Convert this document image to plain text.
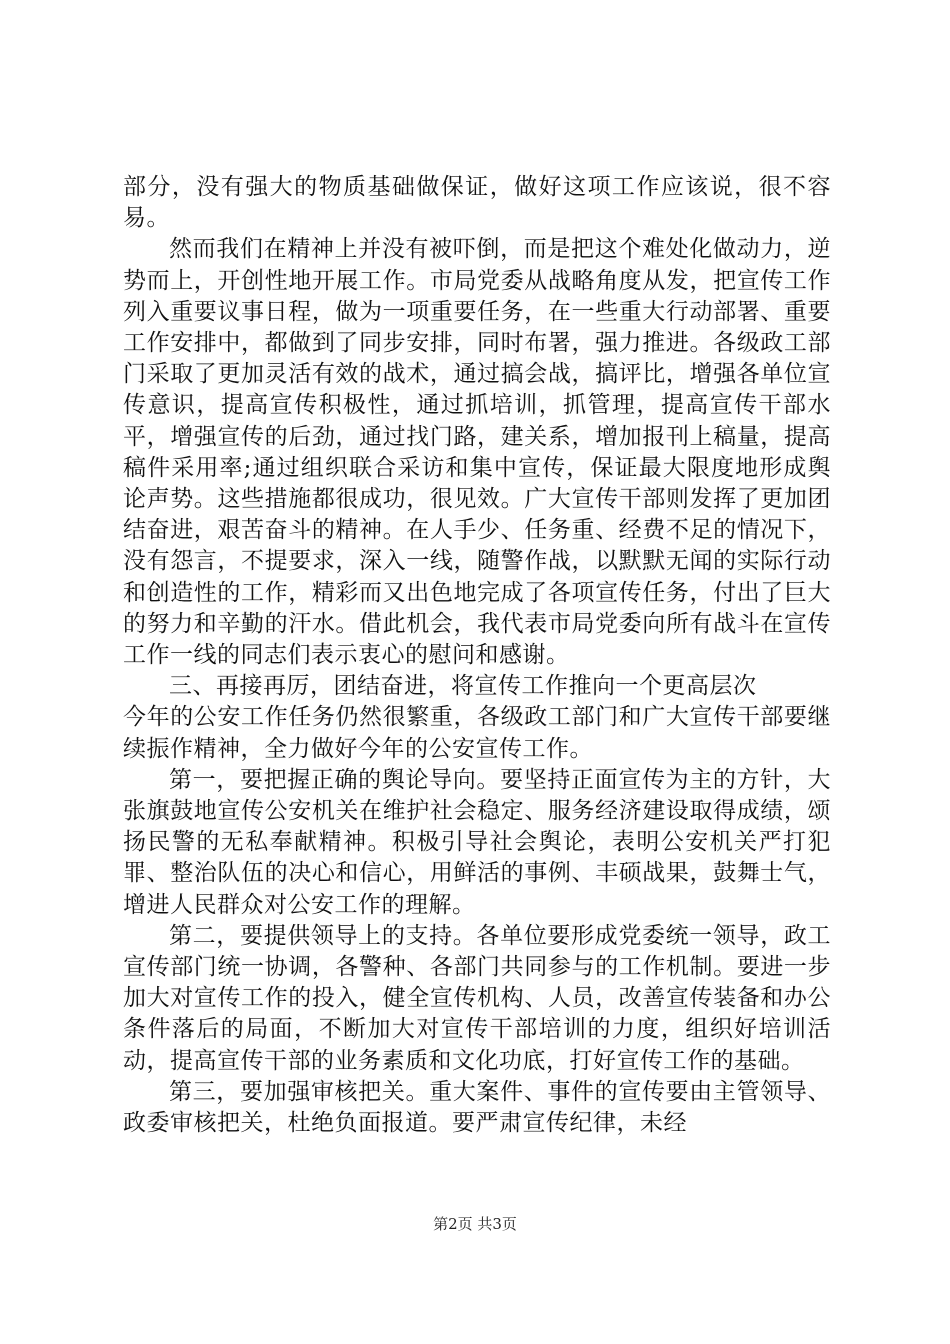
部分，没有强大的物质基础做保证，做好这项工作应该说，很不容易。

然而我们在精神上并没有被吓倒，而是把这个难处化做动力，逆势而上，开创性地开展工作。市局党委从战略角度从发，把宣传工作列入重要议事日程，做为一项重要任务，在一些重大行动部署、重要工作安排中，都做到了同步安排，同时布署，强力推进。各级政工部门采取了更加灵活有效的战术，通过搞会战，搞评比，增强各单位宣传意识，提高宣传积极性，通过抓培训，抓管理，提高宣传干部水平，增强宣传的后劲，通过找门路，建关系，增加报刊上稿量，提高稿件采用率;通过组织联合采访和集中宣传，保证最大限度地形成舆论声势。这些措施都很成功，很见效。广大宣传干部则发挥了更加团结奋进，艰苦奋斗的精神。在人手少、任务重、经费不足的情况下，没有怨言，不提要求，深入一线，随警作战，以默默无闻的实际行动和创造性的工作，精彩而又出色地完成了各项宣传任务，付出了巨大的努力和辛勤的汗水。借此机会，我代表市局党委向所有战斗在宣传工作一线的同志们表示衷心的慰问和感谢。

三、再接再厉，团结奋进，将宣传工作推向一个更高层次

今年的公安工作任务仍然很繁重，各级政工部门和广大宣传干部要继续振作精神，全力做好今年的公安宣传工作。

第一，要把握正确的舆论导向。要坚持正面宣传为主的方针，大张旗鼓地宣传公安机关在维护社会稳定、服务经济建设取得成绩，颂扬民警的无私奉献精神。积极引导社会舆论，表明公安机关严打犯罪、整治队伍的决心和信心，用鲜活的事例、丰硕战果，鼓舞士气，增进人民群众对公安工作的理解。

第二，要提供领导上的支持。各单位要形成党委统一领导，政工宣传部门统一协调，各警种、各部门共同参与的工作机制。要进一步加大对宣传工作的投入，健全宣传机构、人员，改善宣传装备和办公条件落后的局面，不断加大对宣传干部培训的力度，组织好培训活动，提高宣传干部的业务素质和文化功底，打好宣传工作的基础。

第三，要加强审核把关。重大案件、事件的宣传要由主管领导、政委审核把关，杜绝负面报道。要严肃宣传纪律，未经

第2页 共3页
